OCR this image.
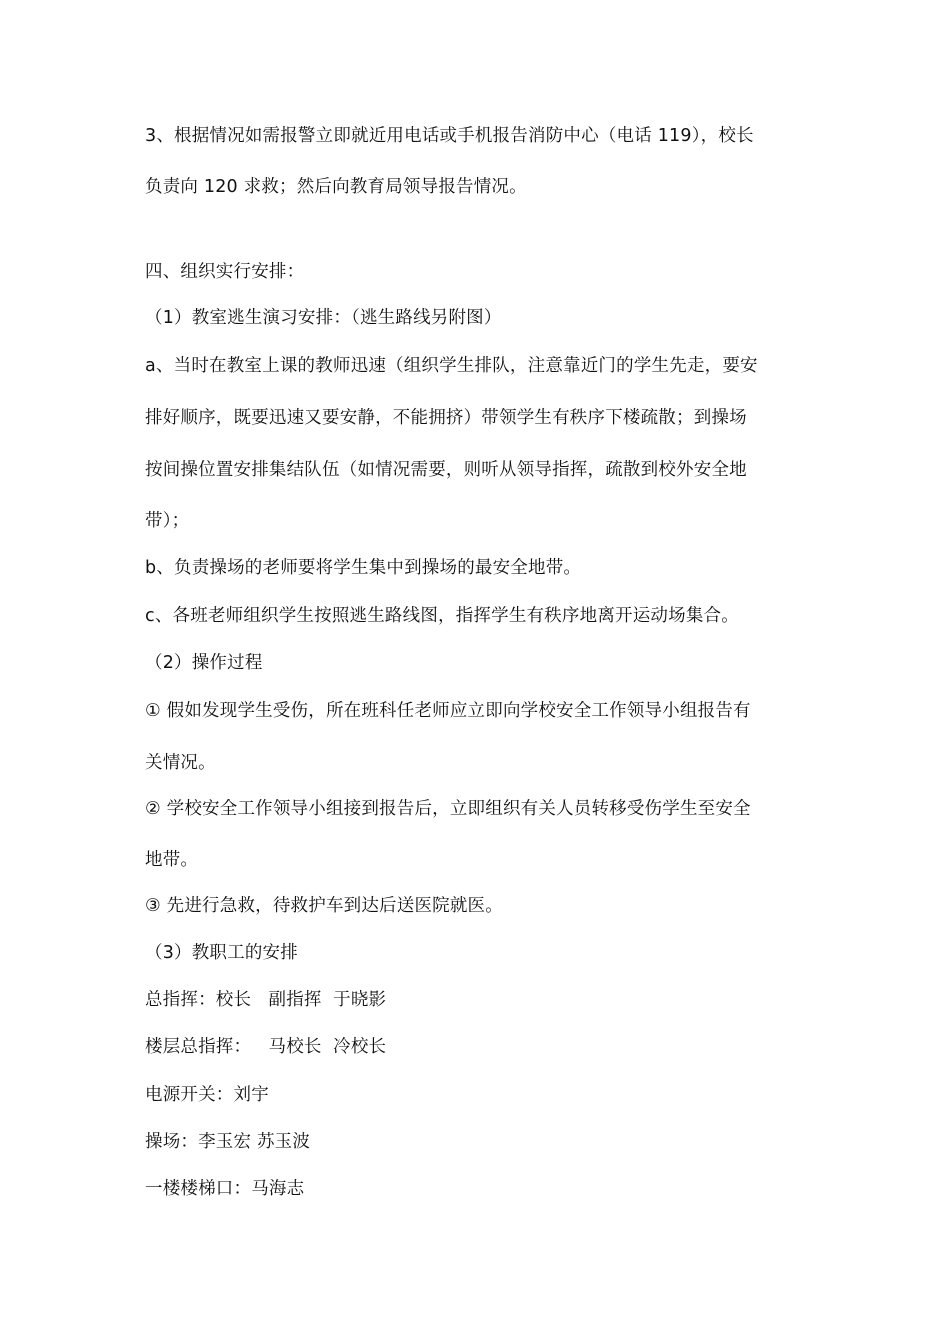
3、根据情况如需报警立即就近用电话或手机报告消防中心（电话 119），校长
负责向 120 求救；然后向教育局领导报告情况。
四、组织实行安排：
（1）教室逃生演习安排：（逃生路线另附图）
a、当时在教室上课的教师迅速（组织学生排队，注意靠近门的学生先走，要安
排好顺序，既要迅速又要安静，不能拥挤）带领学生有秩序下楼疏散；到操场
按间操位置安排集结队伍（如情况需要，则听从领导指挥，疏散到校外安全地
带）；
b、负责操场的老师要将学生集中到操场的最安全地带。
c、各班老师组织学生按照逃生路线图，指挥学生有秩序地离开运动场集合。
（2）操作过程
① 假如发现学生受伤，所在班科任老师应立即向学校安全工作领导小组报告有
关情况。
② 学校安全工作领导小组接到报告后，立即组织有关人员转移受伤学生至安全
地带。
③ 先进行急救，待救护车到达后送医院就医。
（3）教职工的安排
总指挥：校长   副指挥  于晓影
楼层总指挥：   马校长  冷校长
电源开关：刘宇
操场：李玉宏 苏玉波
一楼楼梯口：马海志
